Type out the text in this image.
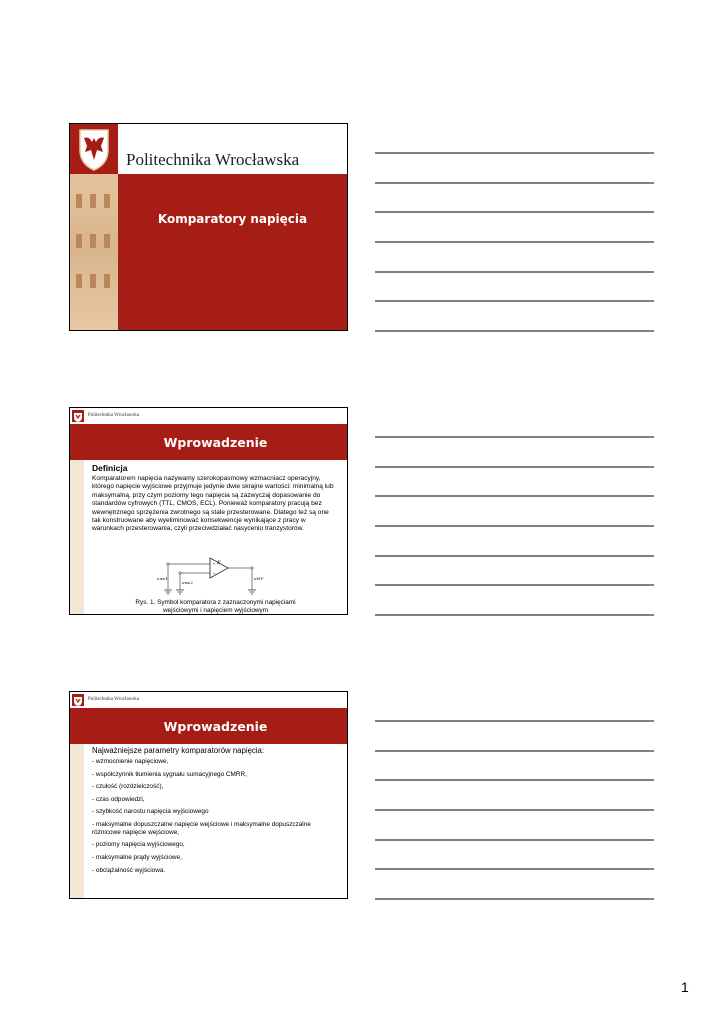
Politechnika Wrocławska
Komparatory napięcia
Politechnika Wrocławska
Wprowadzenie
Definicja
Komparatorem napięcia nazywamy szerokopasmowy wzmacniacz operacyjny, którego napięcie wyjściowe przyjmuje jedynie dwie skrajne wartości: minimalną lub maksymalną, przy czym poziomy tego napięcia są zazwyczaj dopasowanie do standardów cyfrowych (TTL, CMOS, ECL). Ponieważ komparatory pracują bez wewnętrznego sprzężenia zwrotnego są stale przesterowane. Dlatego też są one tak konstruowane aby wyeliminować konsekwencje wynikające z pracy w warunkach przesterowania, czyli przeciwdziałać nasyceniu tranzystorów.
+
−
K
uwe1
uwe2
uWY
Rys. 1. Symbol komparatora z zaznaczonymi napięciami
wejściowymi i napięciem wyjściowym
Politechnika Wrocławska
Wprowadzenie
Najważniejsze parametry komparatorów napięcia:
- wzmocnienie napięciowe,
- współczynnik tłumienia sygnału sumacyjnego CMRR,
- czułość (rozdzielczość),
- czas odpowiedzi,
- szybkość narostu napięcia wyjściowego
- maksymalne dopuszczalne napięcie wejściowe i maksymalne dopuszczalne różnicowe napięcie wejściowe,
- poziomy napięcia wyjściowego,
- maksymalne prądy wyjściowe,
- obciążalność wyjściowa.
1
